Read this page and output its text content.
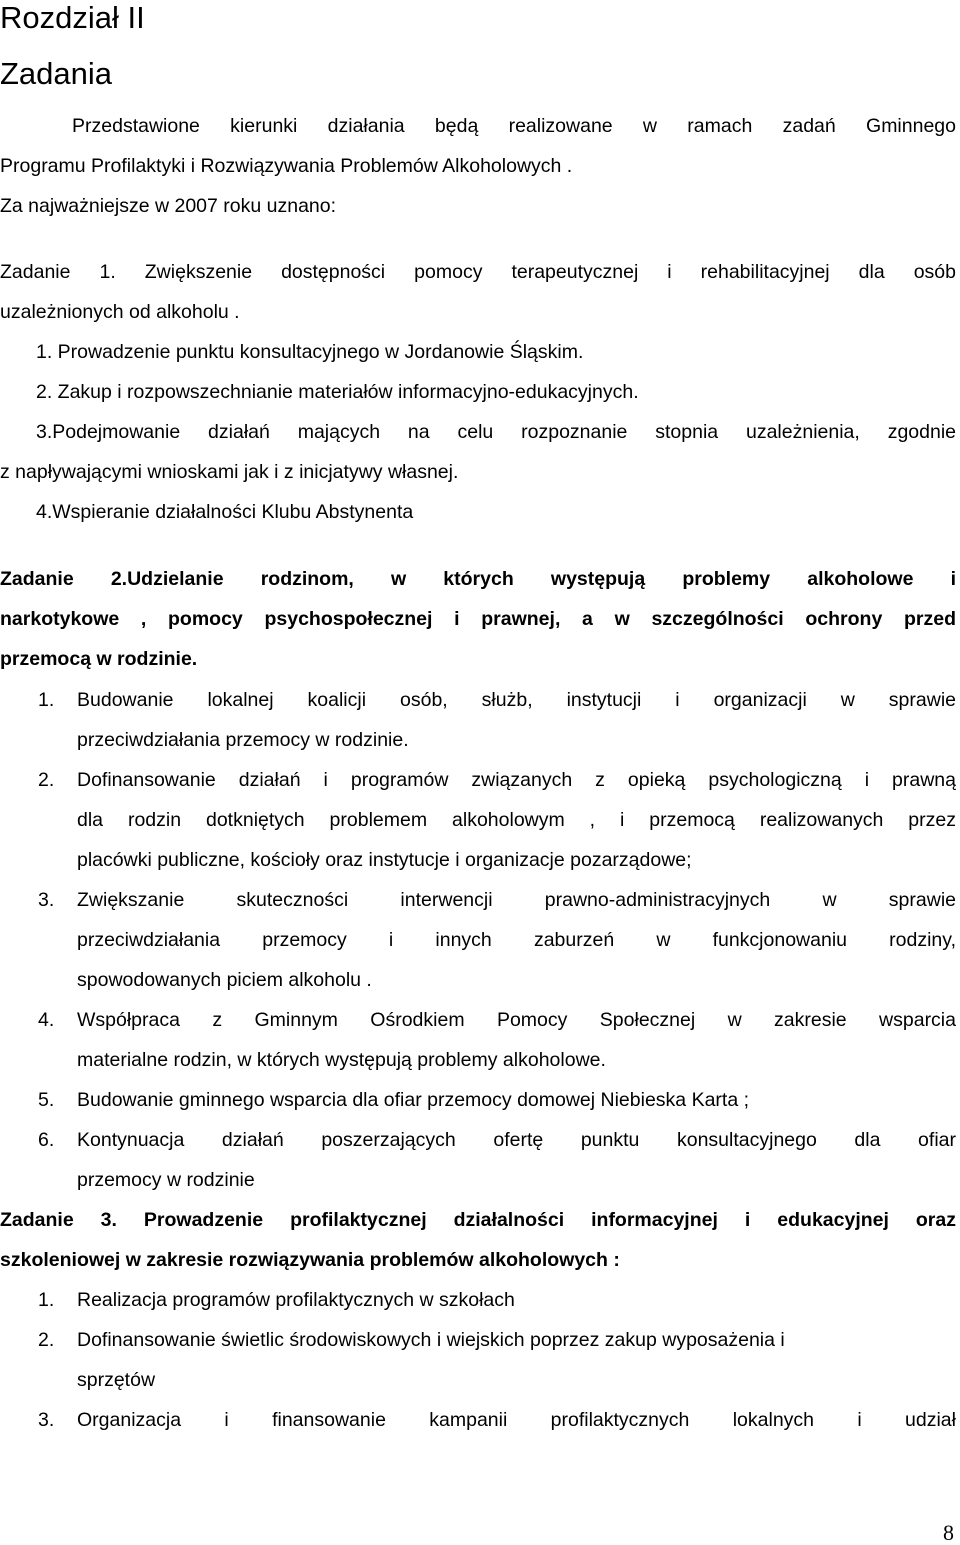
Rozdział II
Zadania
Przedstawione kierunki działania będą realizowane w ramach zadań Gminnego
Programu Profilaktyki i Rozwiązywania Problemów Alkoholowych .
Za najważniejsze w 2007 roku uznano:
Zadanie 1. Zwiększenie dostępności pomocy terapeutycznej i rehabilitacyjnej dla osób
uzależnionych od alkoholu .
1. Prowadzenie punktu konsultacyjnego w Jordanowie Śląskim.
2. Zakup i rozpowszechnianie materiałów informacyjno-edukacyjnych.
3.Podejmowanie działań mających na celu rozpoznanie stopnia uzależnienia, zgodnie
z napływającymi wnioskami jak i z inicjatywy własnej.
4.Wspieranie działalności Klubu Abstynenta
Zadanie 2.Udzielanie rodzinom, w których występują problemy alkoholowe i
narkotykowe , pomocy psychospołecznej i prawnej, a w szczególności ochrony przed
przemocą w rodzinie.
1. Budowanie lokalnej koalicji osób, służb, instytucji i organizacji w sprawie
przeciwdziałania przemocy w rodzinie.
2. Dofinansowanie działań i programów związanych z opieką psychologiczną i prawną
dla rodzin dotkniętych problemem alkoholowym , i przemocą realizowanych przez
placówki publiczne, kościoły oraz instytucje i organizacje pozarządowe;
3. Zwiększanie skuteczności interwencji prawno-administracyjnych w sprawie
przeciwdziałania przemocy i innych zaburzeń w funkcjonowaniu rodziny,
spowodowanych piciem alkoholu .
4. Współpraca z Gminnym Ośrodkiem Pomocy Społecznej w zakresie wsparcia
materialne rodzin, w których występują problemy alkoholowe.
5. Budowanie gminnego wsparcia dla ofiar przemocy domowej Niebieska Karta ;
6. Kontynuacja działań poszerzających ofertę punktu konsultacyjnego dla ofiar
przemocy w rodzinie
Zadanie 3. Prowadzenie profilaktycznej działalności informacyjnej i edukacyjnej oraz
szkoleniowej w zakresie rozwiązywania problemów alkoholowych :
1. Realizacja programów profilaktycznych w szkołach
2. Dofinansowanie świetlic środowiskowych i wiejskich poprzez zakup wyposażenia i
sprzętów
3. Organizacja i finansowanie kampanii profilaktycznych lokalnych i udział
8
